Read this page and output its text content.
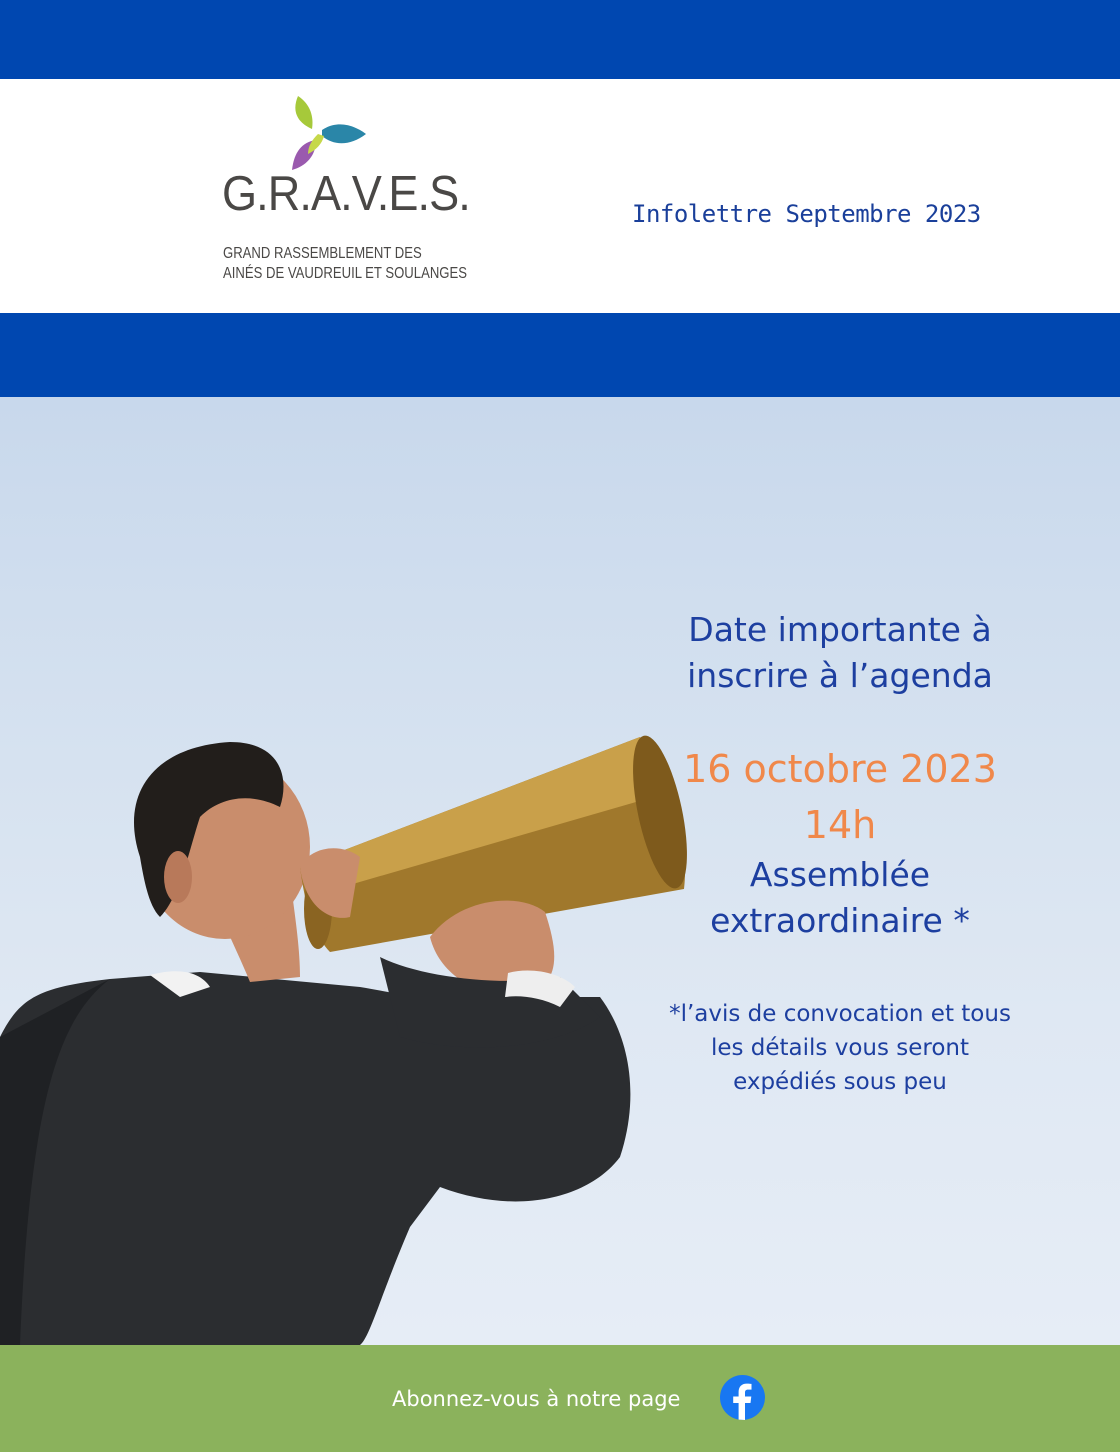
G.R.A.V.E.S.
GRAND RASSEMBLEMENT DES
AINÉS DE VAUDREUIL ET SOULANGES
Infolettre Septembre 2023
Date importante à
inscrire à l’agenda
16 octobre 2023
14h
Assemblée
extraordinaire *
*l’avis de convocation et tous
les détails vous seront
expédiés sous peu
Abonnez-vous à notre page
